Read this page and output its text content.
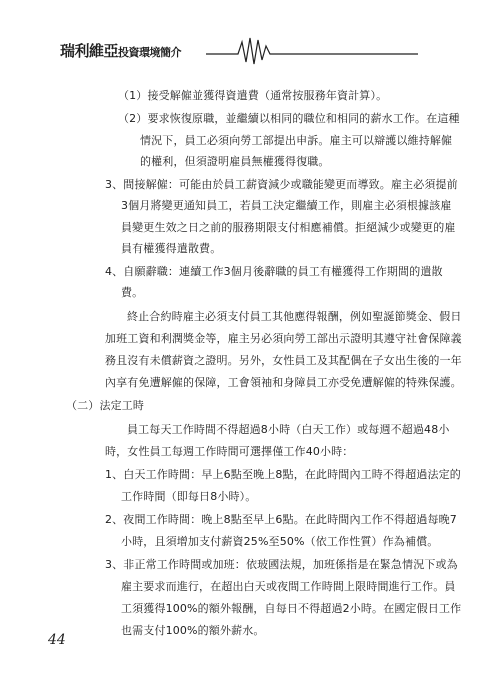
瑞利維亞投資環境簡介
（1）接受解僱並獲得資遣費（通常按服務年資計算）。
（2）要求恢復原職，並繼續以相同的職位和相同的薪水工作。在這種
情況下，員工必須向勞工部提出申訴。雇主可以辯護以維持解僱
的權利，但須證明雇員無權獲得復職。
3、間接解僱：可能由於員工薪資減少或職能變更而導致。雇主必須提前
3個月將變更通知員工，若員工決定繼續工作，則雇主必須根據該雇
員變更生效之日之前的服務期限支付相應補償。拒絕減少或變更的雇
員有權獲得遣散費。
4、自願辭職：連續工作3個月後辭職的員工有權獲得工作期間的遣散
費。
終止合約時雇主必須支付員工其他應得報酬，例如聖誕節獎金、假日
加班工資和利潤獎金等，雇主另必須向勞工部出示證明其遵守社會保障義
務且沒有未償薪資之證明。另外，女性員工及其配偶在子女出生後的一年
內享有免遭解僱的保障，工會領袖和身障員工亦受免遭解僱的特殊保護。
（二）法定工時
員工每天工作時間不得超過8小時（白天工作）或每週不超過48小
時，女性員工每週工作時間可選擇僅工作40小時：
1、白天工作時間：早上6點至晚上8點，在此時間內工時不得超過法定的
工作時間（即每日8小時）。
2、夜間工作時間：晚上8點至早上6點。在此時間內工作不得超過每晚7
小時，且須增加支付薪資25%至50%（依工作性質）作為補償。
3、非正常工作時間或加班：依玻國法規，加班係指是在緊急情況下或為
雇主要求而進行，在超出白天或夜間工作時間上限時間進行工作。員
工須獲得100%的額外報酬，自每日不得超過2小時。在國定假日工作
也需支付100%的額外薪水。
44
